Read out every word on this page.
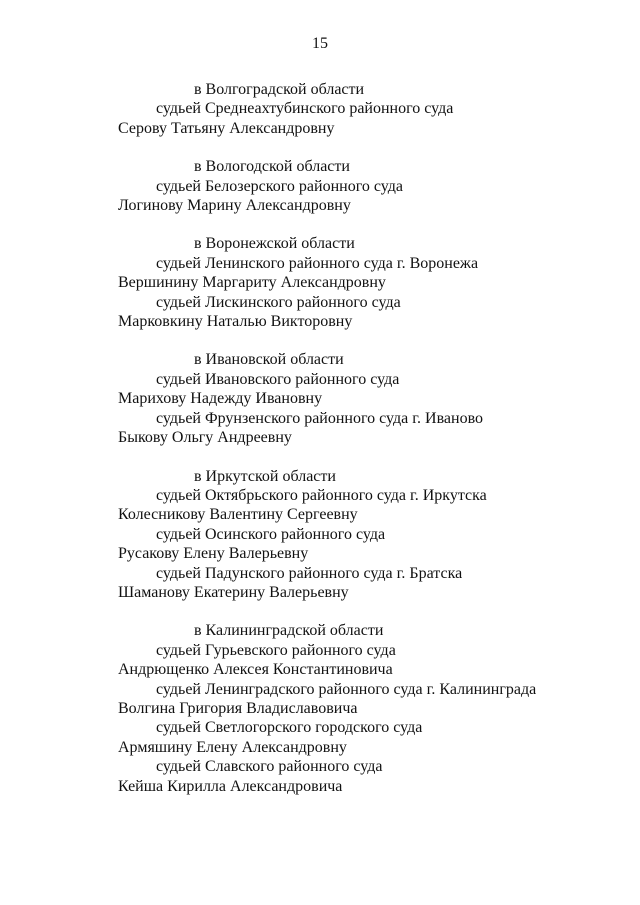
15
в Волгоградской области
судьей Среднеахтубинского районного суда
Серову Татьяну Александровну
в Вологодской области
судьей Белозерского районного суда
Логинову Марину Александровну
в Воронежской области
судьей Ленинского районного суда г. Воронежа
Вершинину Маргариту Александровну
судьей Лискинского районного суда
Марковкину Наталью Викторовну
в Ивановской области
судьей Ивановского районного суда
Марихову Надежду Ивановну
судьей Фрунзенского районного суда г. Иваново
Быкову Ольгу Андреевну
в Иркутской области
судьей Октябрьского районного суда г. Иркутска
Колесникову Валентину Сергеевну
судьей Осинского районного суда
Русакову Елену Валерьевну
судьей Падунского районного суда г. Братска
Шаманову Екатерину Валерьевну
в Калининградской области
судьей Гурьевского районного суда
Андрющенко Алексея Константиновича
судьей Ленинградского районного суда г. Калининграда
Волгина Григория Владиславовича
судьей Светлогорского городского суда
Армяшину Елену Александровну
судьей Славского районного суда
Кейша Кирилла Александровича
